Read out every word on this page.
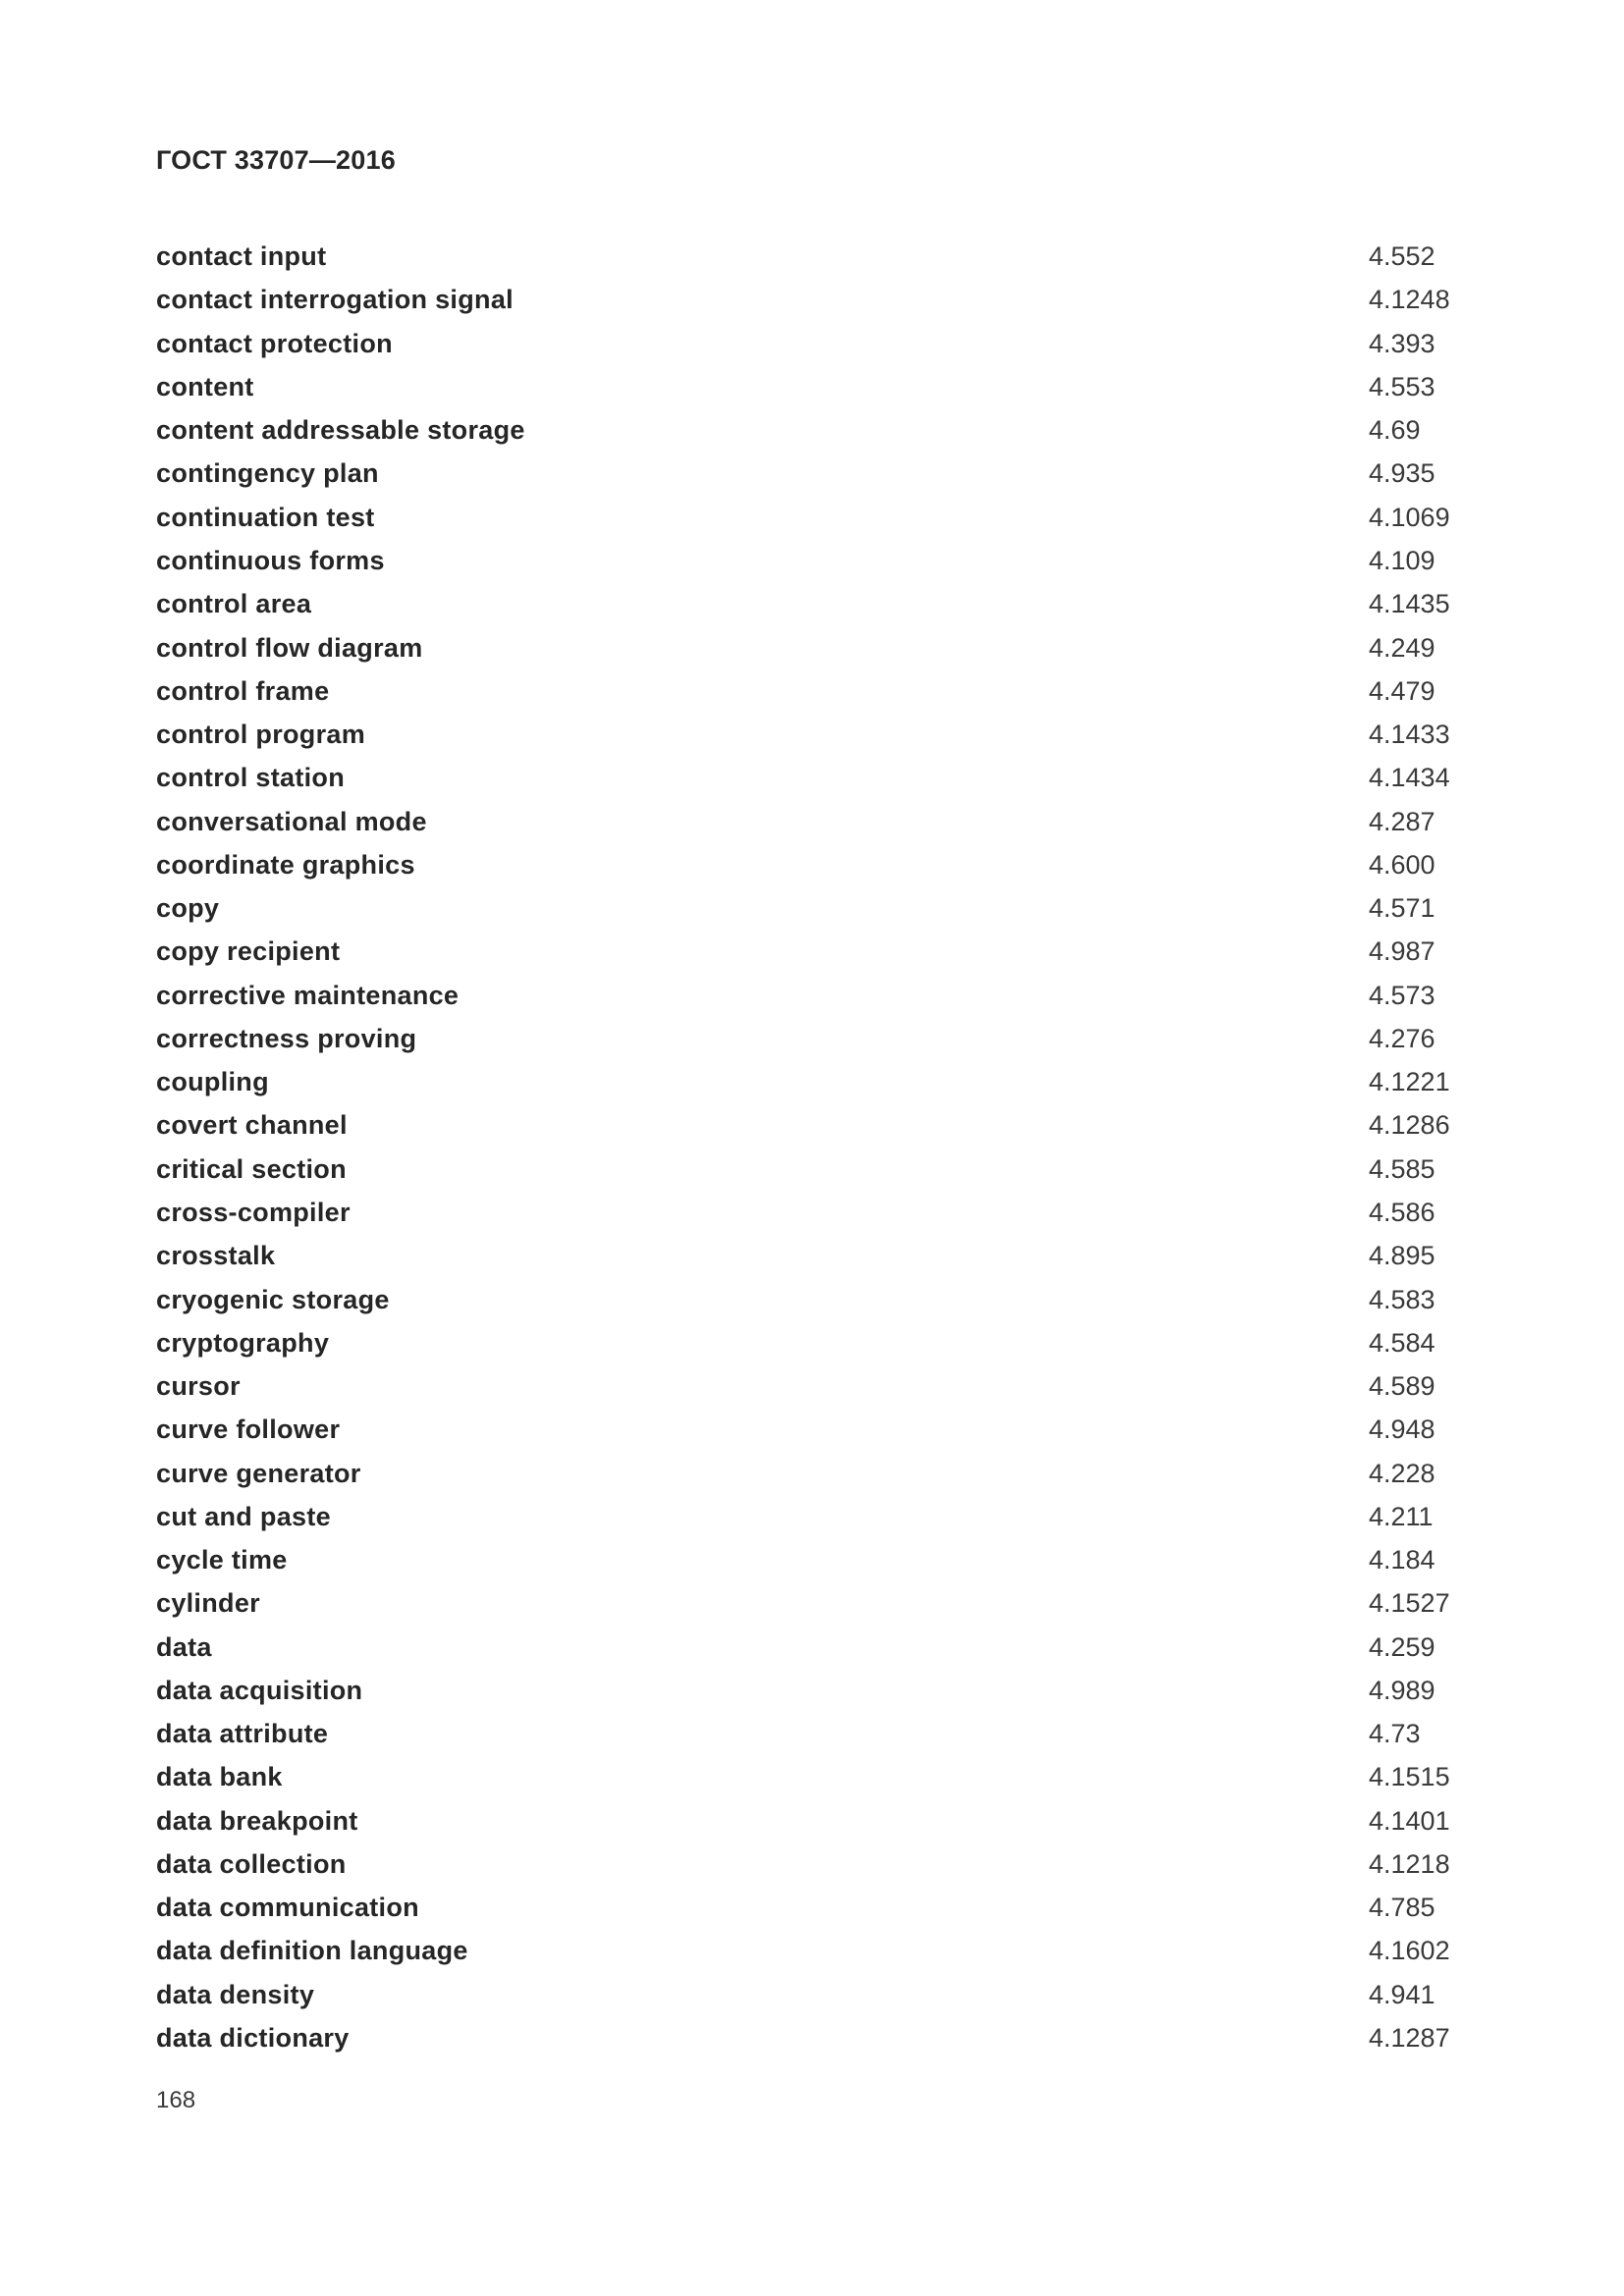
ГОСТ 33707—2016
contact input	4.552
contact interrogation signal	4.1248
contact protection	4.393
content	4.553
content addressable storage	4.69
contingency plan	4.935
continuation test	4.1069
continuous forms	4.109
control area	4.1435
control flow diagram	4.249
control frame	4.479
control program	4.1433
control station	4.1434
conversational mode	4.287
coordinate graphics	4.600
copy	4.571
copy recipient	4.987
corrective maintenance	4.573
correctness proving	4.276
coupling	4.1221
covert channel	4.1286
critical section	4.585
cross-compiler	4.586
crosstalk	4.895
cryogenic storage	4.583
cryptography	4.584
cursor	4.589
curve follower	4.948
curve generator	4.228
cut and paste	4.211
cycle time	4.184
cylinder	4.1527
data	4.259
data acquisition	4.989
data attribute	4.73
data bank	4.1515
data breakpoint	4.1401
data collection	4.1218
data communication	4.785
data definition language	4.1602
data density	4.941
data dictionary	4.1287
168
